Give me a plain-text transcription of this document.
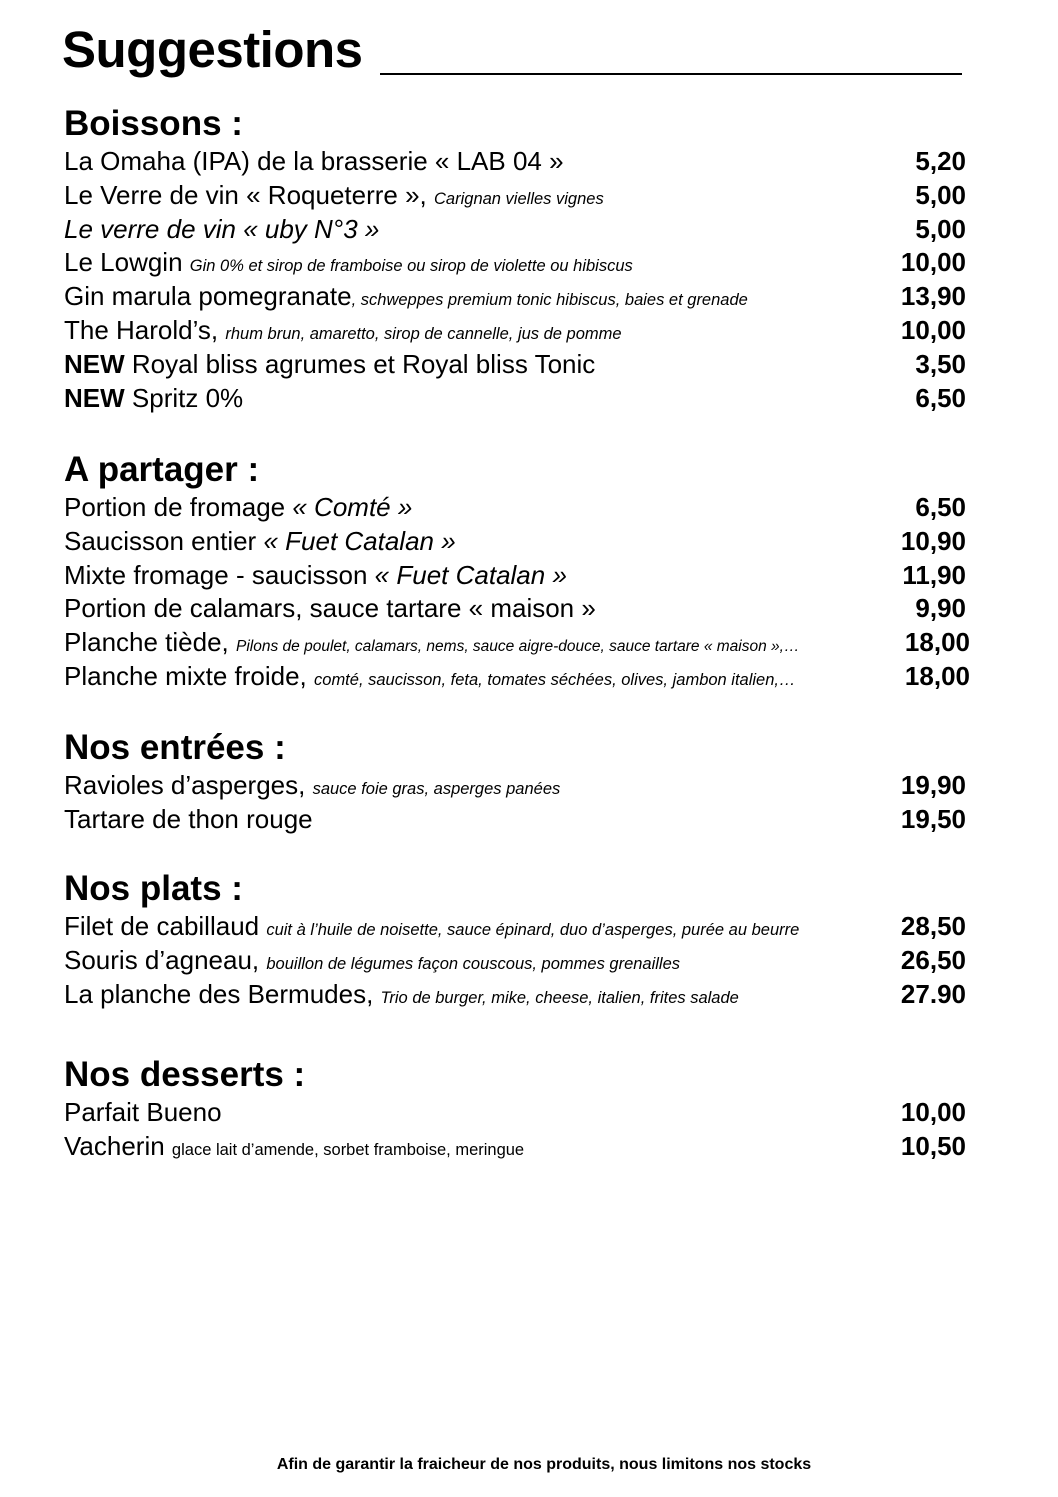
Suggestions
Boissons :
La Omaha (IPA) de la brasserie « LAB 04 »	5,20
Le Verre de vin « Roqueterre », Carignan vielles vignes	5,00
Le verre de vin « uby N°3 »	5,00
Le Lowgin Gin 0% et sirop de framboise ou sirop de violette ou hibiscus	10,00
Gin marula pomegranate, schweppes premium tonic hibiscus, baies et grenade	13,90
The Harold’s, rhum brun, amaretto, sirop de cannelle, jus de pomme	10,00
NEW Royal bliss agrumes et Royal bliss Tonic	3,50
NEW Spritz 0%	6,50
A partager :
Portion de fromage « Comté »	6,50
Saucisson entier « Fuet Catalan »	10,90
Mixte fromage - saucisson « Fuet Catalan »	11,90
Portion de calamars, sauce tartare « maison »	9,90
Planche tiède, Pilons de poulet, calamars, nems, sauce aigre-douce, sauce tartare « maison »,…	18,00
Planche mixte froide, comté, saucisson, feta, tomates séchées, olives, jambon italien,…	18,00
Nos entrées :
Ravioles d’asperges, sauce foie gras, asperges panées	19,90
Tartare de thon rouge	19,50
Nos plats :
Filet de cabillaud cuit à l’huile de noisette, sauce épinard, duo d’asperges, purée au beurre	28,50
Souris d’agneau, bouillon de légumes façon couscous, pommes grenailles	26,50
La planche des Bermudes, Trio de burger, mike, cheese, italien, frites salade	27.90
Nos desserts :
Parfait Bueno	10,00
Vacherin glace lait d’amende, sorbet framboise, meringue	10,50
Afin de garantir la fraicheur de nos produits, nous limitons nos stocks
